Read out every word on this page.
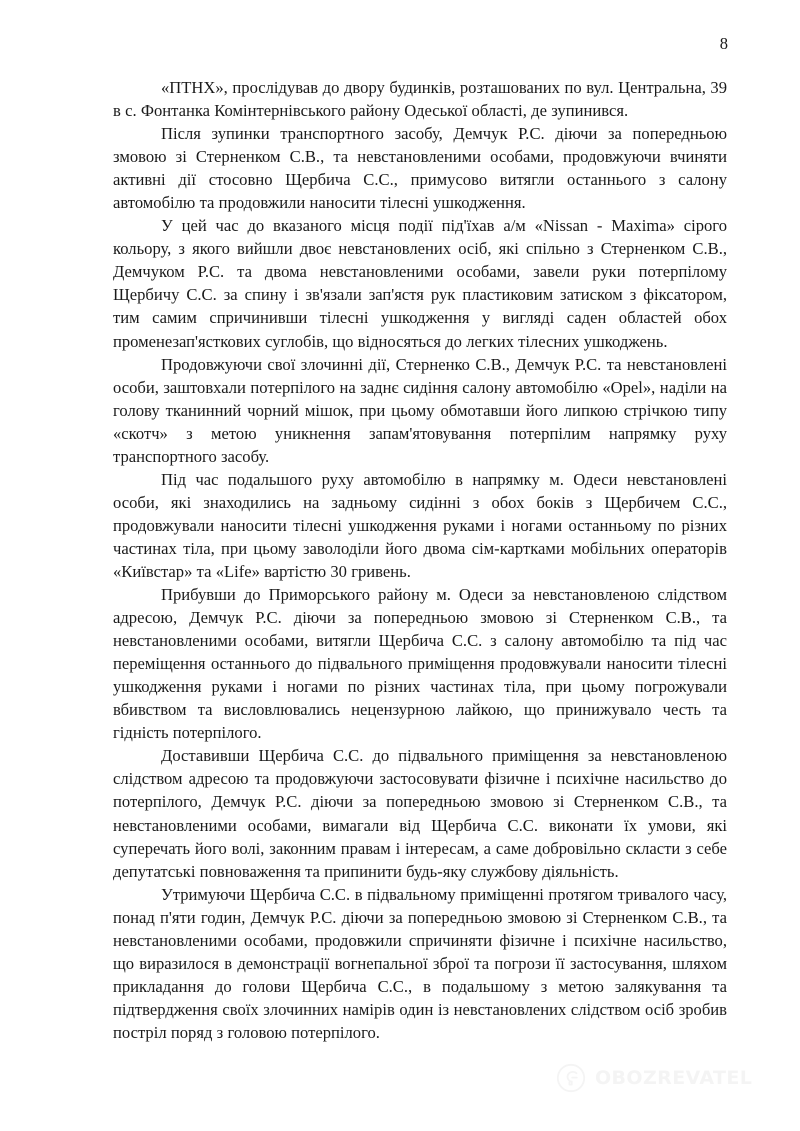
8

«ПТНХ», прослідував до двору будинків, розташованих по вул. Центральна, 39 в с. Фонтанка Комінтернівського району Одеської області, де зупинився.

Після зупинки транспортного засобу, Демчук Р.С. діючи за попередньою змовою зі Стерненком С.В., та невстановленими особами, продовжуючи вчиняти активні дії стосовно Щербича С.С., примусово витягли останнього з салону автомобілю та продовжили наносити тілесні ушкодження.

У цей час до вказаного місця події під'їхав а/м «Nissan - Maxima» сірого кольору, з якого вийшли двоє невстановлених осіб, які спільно з Стерненком С.В., Демчуком Р.С. та двома невстановленими особами, завели руки потерпілому Щербичу С.С. за спину і зв'язали зап'ястя рук пластиковим затиском з фіксатором, тим самим спричинивши тілесні ушкодження у вигляді саден областей обох променезап'ясткових суглобів, що відносяться до легких тілесних ушкоджень.

Продовжуючи свої злочинні дії, Стерненко С.В., Демчук Р.С. та невстановлені особи, заштовхали потерпілого на заднє сидіння салону автомобілю «Opel», наділи на голову тканинний чорний мішок, при цьому обмотавши його липкою стрічкою типу «скотч» з метою уникнення запам'ятовування потерпілим напрямку руху транспортного засобу.

Під час подальшого руху автомобілю в напрямку м. Одеси невстановлені особи, які знаходились на задньому сидінні з обох боків з Щербичем С.С., продовжували наносити тілесні ушкодження руками і ногами останньому по різних частинах тіла, при цьому заволоділи його двома сім-картками мобільних операторів «Київстар» та «Life» вартістю 30 гривень.

Прибувши до Приморського району м. Одеси за невстановленою слідством адресою, Демчук Р.С. діючи за попередньою змовою зі Стерненком С.В., та невстановленими особами, витягли Щербича С.С. з салону автомобілю та під час переміщення останнього до підвального приміщення продовжували наносити тілесні ушкодження руками і ногами по різних частинах тіла, при цьому погрожували вбивством та висловлювались нецензурною лайкою, що принижувало честь та гідність потерпілого.

Доставивши Щербича С.С. до підвального приміщення за невстановленою слідством адресою та продовжуючи застосовувати фізичне і психічне насильство до потерпілого, Демчук Р.С. діючи за попередньою змовою зі Стерненком С.В., та невстановленими особами, вимагали від Щербича С.С. виконати їх умови, які суперечать його волі, законним правам і інтересам, а саме добровільно скласти з себе депутатські повноваження та припинити будь-яку службову діяльність.

Утримуючи Щербича С.С. в підвальному приміщенні протягом тривалого часу, понад п'яти годин, Демчук Р.С. діючи за попередньою змовою зі Стерненком С.В., та невстановленими особами, продовжили спричиняти фізичне і психічне насильство, що виразилося в демонстрації вогнепальної зброї та погрози її застосування, шляхом прикладання до голови Щербича С.С., в подальшому з метою залякування та підтвердження своїх злочинних намірів один із невстановлених слідством осіб зробив постріл поряд з головою потерпілого.

OBOZREVATEL
